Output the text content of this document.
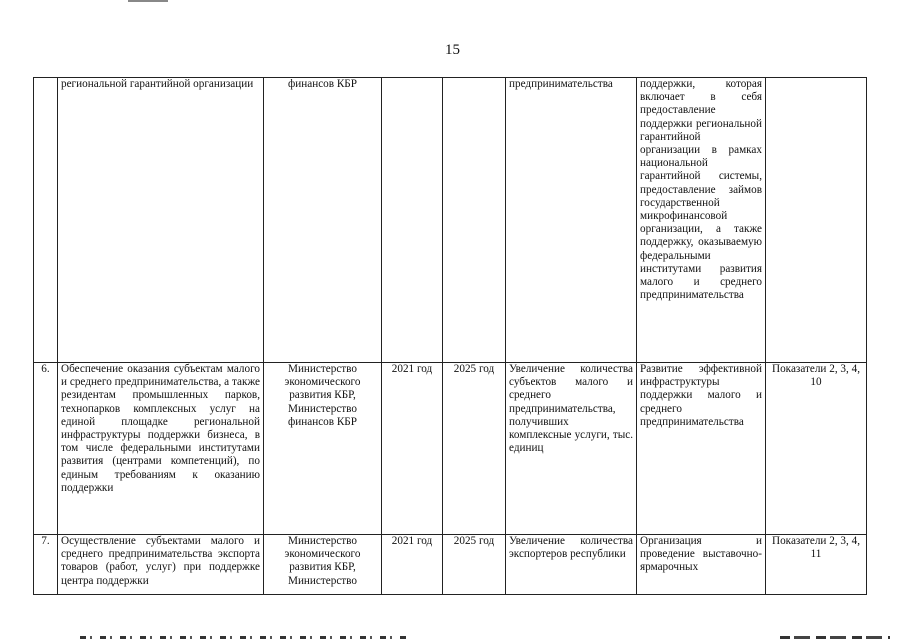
15
	региональной гарантийной организации	финансов КБР			предпринимательства	поддержки, которая включает в себя предоставление поддержки региональной гарантийной организации в рамках национальной гарантийной системы, предоставление займов государственной микрофинансовой организации, а также поддержку, оказываемую федеральными институтами развития малого и среднего предпринимательства	
6.	Обеспечение оказания субъектам малого и среднего предпринимательства, а также резидентам промышленных парков, технопарков комплексных услуг на единой площадке региональной инфраструктуры поддержки бизнеса, в том числе федеральными институтами развития (центрами компетенций), по единым требованиям к оказанию поддержки	Министерство экономического развития КБР, Министерство финансов КБР	2021 год	2025 год	Увеличение количества субъектов малого и среднего предпринимательства, получивших комплексные услуги, тыс. единиц	Развитие эффективной инфраструктуры поддержки малого и среднего предпринимательства	Показатели 2, 3, 4, 10
7.	Осуществление субъектами малого и среднего предпринимательства экспорта товаров (работ, услуг) при поддержке центра поддержки	Министерство экономического развития КБР, Министерство	2021 год	2025 год	Увеличение количества экспортеров республики	Организация и проведение выставочно-ярмарочных	Показатели 2, 3, 4, 11
